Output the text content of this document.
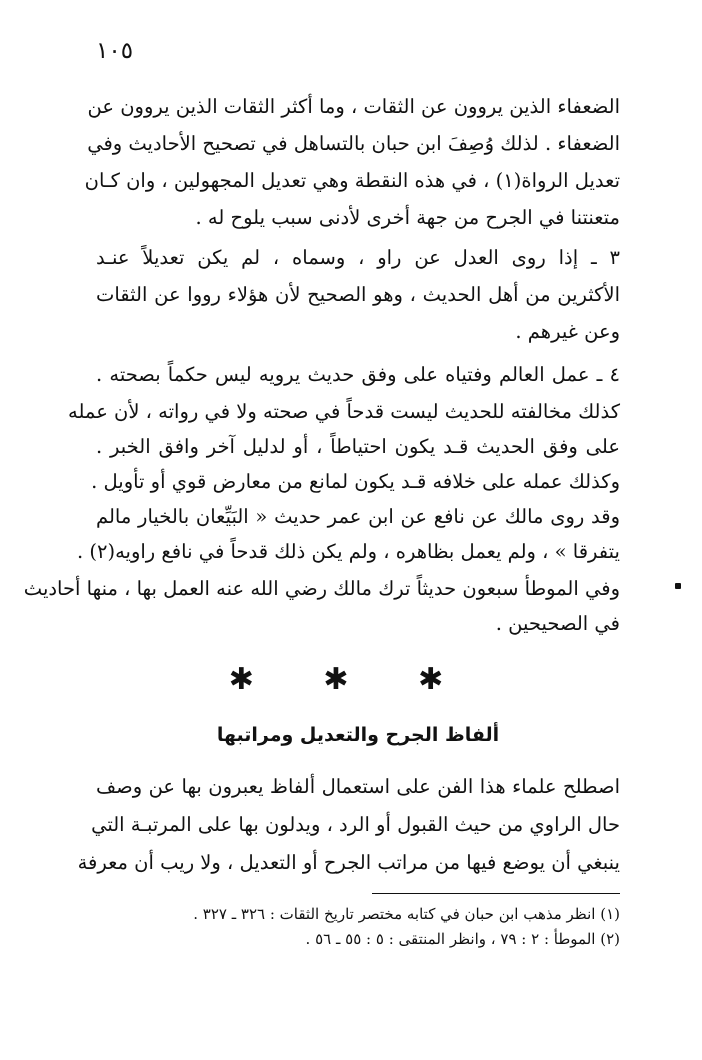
١٠٥
الضعفاء الذين يروون عن الثقات ، وما أكثر الثقات الذين يروون عن
الضعفاء . لذلك وُصِفَ ابن حبان بالتساهل في تصحيح الأحاديث وفي
تعديل الرواة(١) ، في هذه النقطة وهي تعديل المجهولين ، وان كـان
متعنتنا في الجرح من جهة أخرى لأدنى سبب يلوح له .
٣ ـ إذا روى العدل عن راو ، وسماه ، لم يكن تعديلاً عنـد
الأكثرين من أهل الحديث ، وهو الصحيح لأن هؤلاء رووا عن الثقات
وعن غيرهم .
٤ ـ عمل العالم وفتياه على وفق حديث يرويه ليس حكماً بصحته .
كذلك مخالفته للحديث ليست قدحاً في صحته ولا في رواته ، لأن عمله
على وفق الحديث قـد يكون احتياطاً ، أو لدليل آخر وافق الخبر .
وكذلك عمله على خلافه قـد يكون لمانع من معارض قوي أو تأويل .
وقد روى مالك عن نافع عن ابن عمر حديث « البَيِّعان بالخيار مالم
يتفرقا » ، ولم يعمل بظاهره ، ولم يكن ذلك قدحاً في نافع راويه(٢) .
وفي الموطأ سبعون حديثاً ترك مالك رضي الله عنه العمل بها ، منها أحاديث
في الصحيحين .
✱ ✱ ✱
ألفاظ الجرح والتعديل ومراتبها
اصطلح علماء هذا الفن على استعمال ألفاظ يعبرون بها عن وصف
حال الراوي من حيث القبول أو الرد ، ويدلون بها على المرتبـة التي
ينبغي أن يوضع فيها من مراتب الجرح أو التعديل ، ولا ريب أن معرفة
(١) انظر مذهب ابن حبان في كتابه مختصر تاريخ الثقات : ٣٢٦ ـ ٣٢٧ .
(٢) الموطأ : ٢ : ٧٩ ، وانظر المنتقى : ٥ : ٥٥ ـ ٥٦ .
